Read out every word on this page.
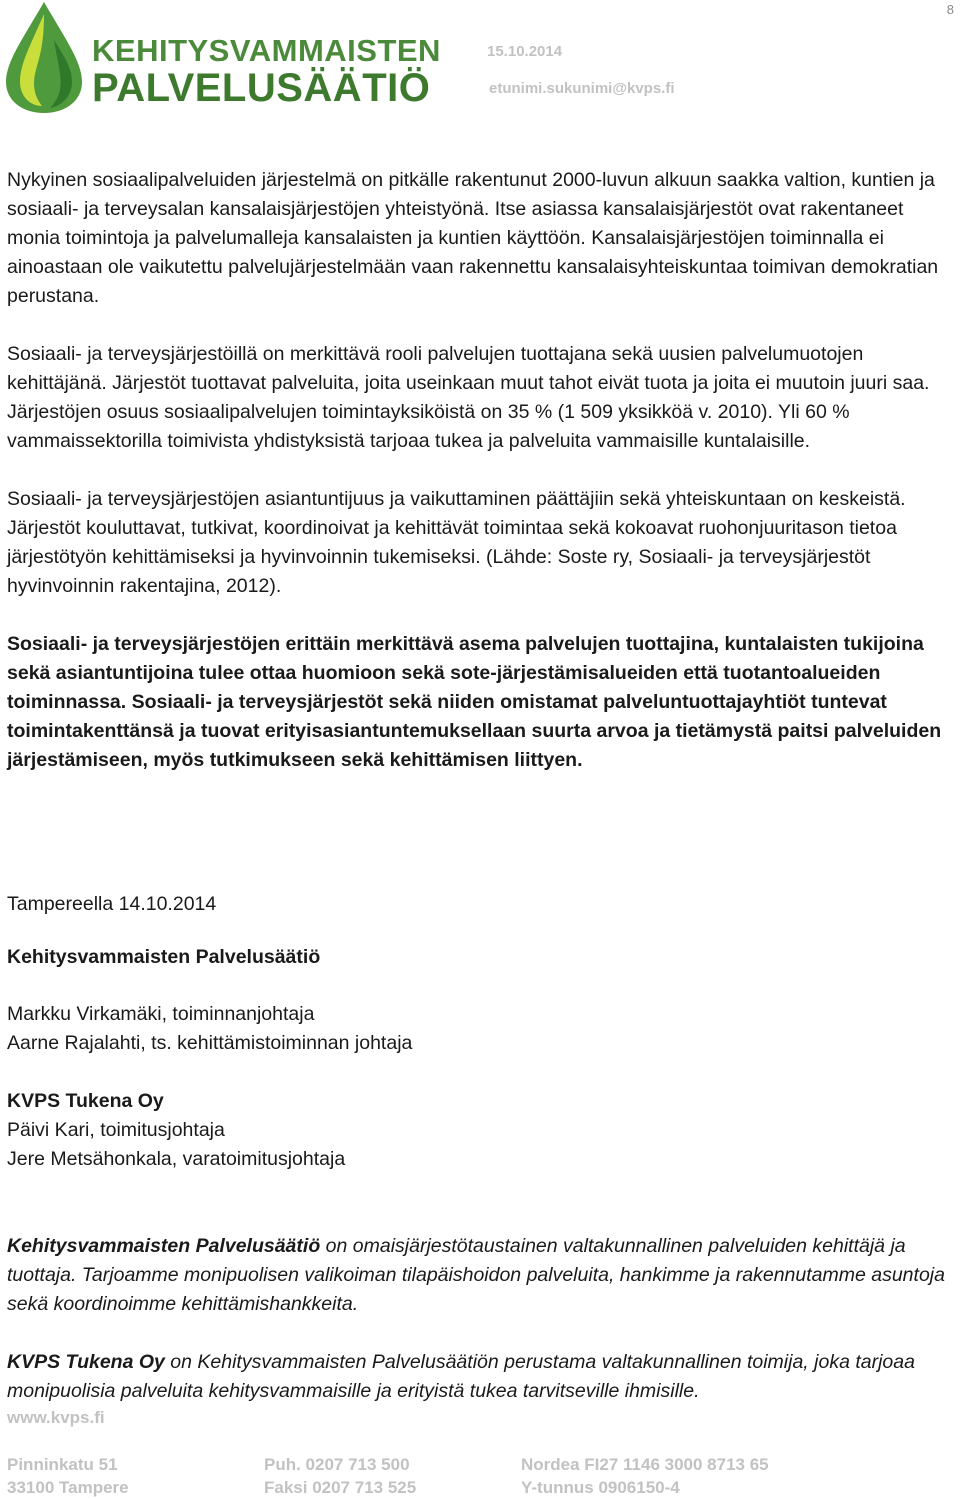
8
KEHITYSVAMMAISTEN
PALVELUSÄÄTIÖ
15.10.2014
etunimi.sukunimi@kvps.fi

Nykyinen sosiaalipalveluiden järjestelmä on pitkälle rakentunut 2000-luvun alkuun saakka valtion, kuntien ja sosiaali- ja terveysalan kansalaisjärjestöjen yhteistyönä. Itse asiassa kansalaisjärjestöt ovat rakentaneet monia toimintoja ja palvelumalleja kansalaisten ja kuntien käyttöön. Kansalaisjärjestöjen toiminnalla ei ainoastaan ole vaikutettu palvelujärjestelmään vaan rakennettu kansalaisyhteiskuntaa toimivan demokratian perustana.

Sosiaali- ja terveysjärjestöillä on merkittävä rooli palvelujen tuottajana sekä uusien palvelumuotojen kehittäjänä. Järjestöt tuottavat palveluita, joita useinkaan muut tahot eivät tuota ja joita ei muutoin juuri saa. Järjestöjen osuus sosiaalipalvelujen toimintayksiköistä on 35 % (1 509 yksikköä v. 2010). Yli 60 % vammaissektorilla toimivista yhdistyksistä tarjoaa tukea ja palveluita vammaisille kuntalaisille.

Sosiaali- ja terveysjärjestöjen asiantuntijuus ja vaikuttaminen päättäjiin sekä yhteiskuntaan on keskeistä. Järjestöt kouluttavat, tutkivat, koordinoivat ja kehittävät toimintaa sekä kokoavat ruohonjuuritason tietoa järjestötyön kehittämiseksi ja hyvinvoinnin tukemiseksi. (Lähde: Soste ry, Sosiaali- ja terveysjärjestöt hyvinvoinnin rakentajina, 2012).

Sosiaali- ja terveysjärjestöjen erittäin merkittävä asema palvelujen tuottajina, kuntalaisten tukijoina sekä asiantuntijoina tulee ottaa huomioon sekä sote-järjestämisalueiden että tuotantoalueiden toiminnassa. Sosiaali- ja terveysjärjestöt sekä niiden omistamat palveluntuottajayhtiöt tuntevat toimintakenttänsä ja tuovat erityisasiantuntemuksellaan suurta arvoa ja tietämystä paitsi palveluiden järjestämiseen, myös tutkimukseen sekä kehittämisen liittyen.

Tampereella 14.10.2014
Kehitysvammaisten Palvelusäätiö
Markku Virkamäki, toiminnanjohtaja
Aarne Rajalahti, ts. kehittämistoiminnan johtaja
KVPS Tukena Oy
Päivi Kari, toimitusjohtaja
Jere Metsähonkala, varatoimitusjohtaja
Kehitysvammaisten Palvelusäätiö on omaisjärjestötaustainen valtakunnallinen palveluiden kehittäjä ja tuottaja. Tarjoamme monipuolisen valikoiman tilapäishoidon palveluita, hankimme ja rakennutamme asuntoja sekä koordinoimme kehittämishankkeita.
KVPS Tukena Oy on Kehitysvammaisten Palvelusäätiön perustama valtakunnallinen toimija, joka tarjoaa monipuolisia palveluita kehitysvammaisille ja erityistä tukea tarvitseville ihmisille.
www.kvps.fi
Pinninkatu 51
33100 Tampere
Puh. 0207 713 500
Faksi 0207 713 525
Nordea FI27 1146 3000 8713 65
Y-tunnus 0906150-4
